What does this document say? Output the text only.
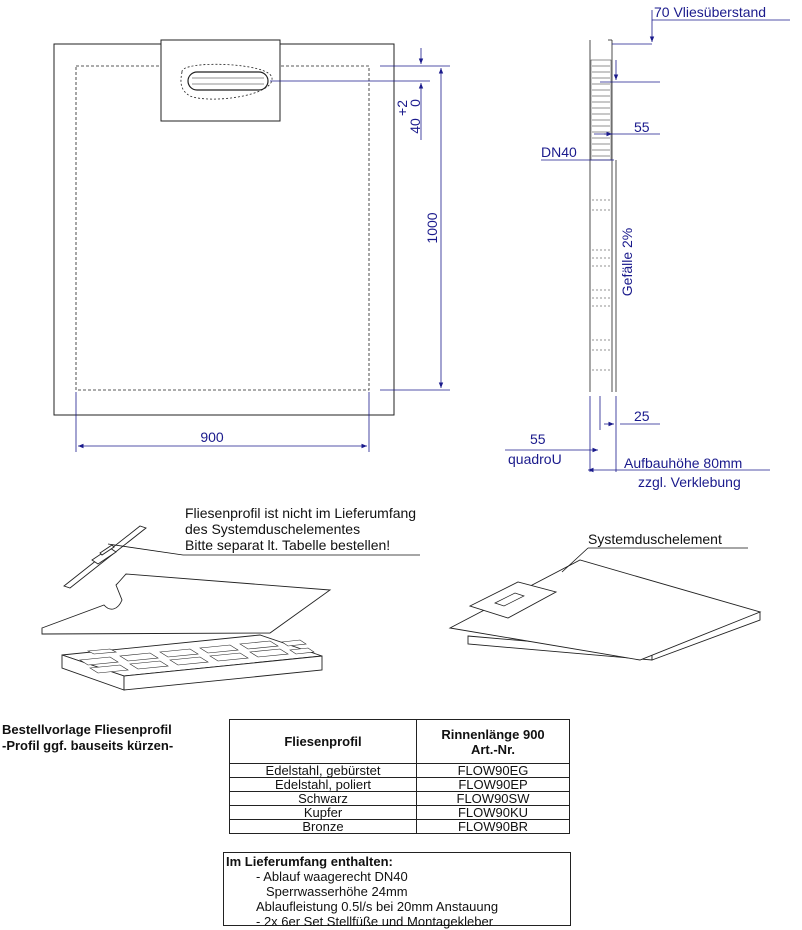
900
1000
+2
0
40
70 Vliesüberstand
55
DN40
Gefälle 2%
25
55
quadroU	Aufbauhöhe 80mm
zzgl. Verklebung
Fliesenprofil ist nicht im Lieferumfang
des Systemduschelementes
Bitte separat lt. Tabelle bestellen!	Systemduschelement
Bestellvorlage Fliesenprofil
-Profil ggf. bauseits kürzen-	Fliesenprofil	Rinnenlänge 900
Art.-Nr.

Edelstahl, gebürstet	FLOW90EG
Edelstahl, poliert	FLOW90EP
Schwarz	FLOW90SW
Kupfer	FLOW90KU
Bronze	FLOW90BR
Im Lieferumfang enthalten:
- Ablauf waagerecht DN40
Sperrwasserhöhe 24mm
Ablaufleistung 0.5l/s bei 20mm Anstauung
- 2x 6er Set Stellfüße und Montagekleber
